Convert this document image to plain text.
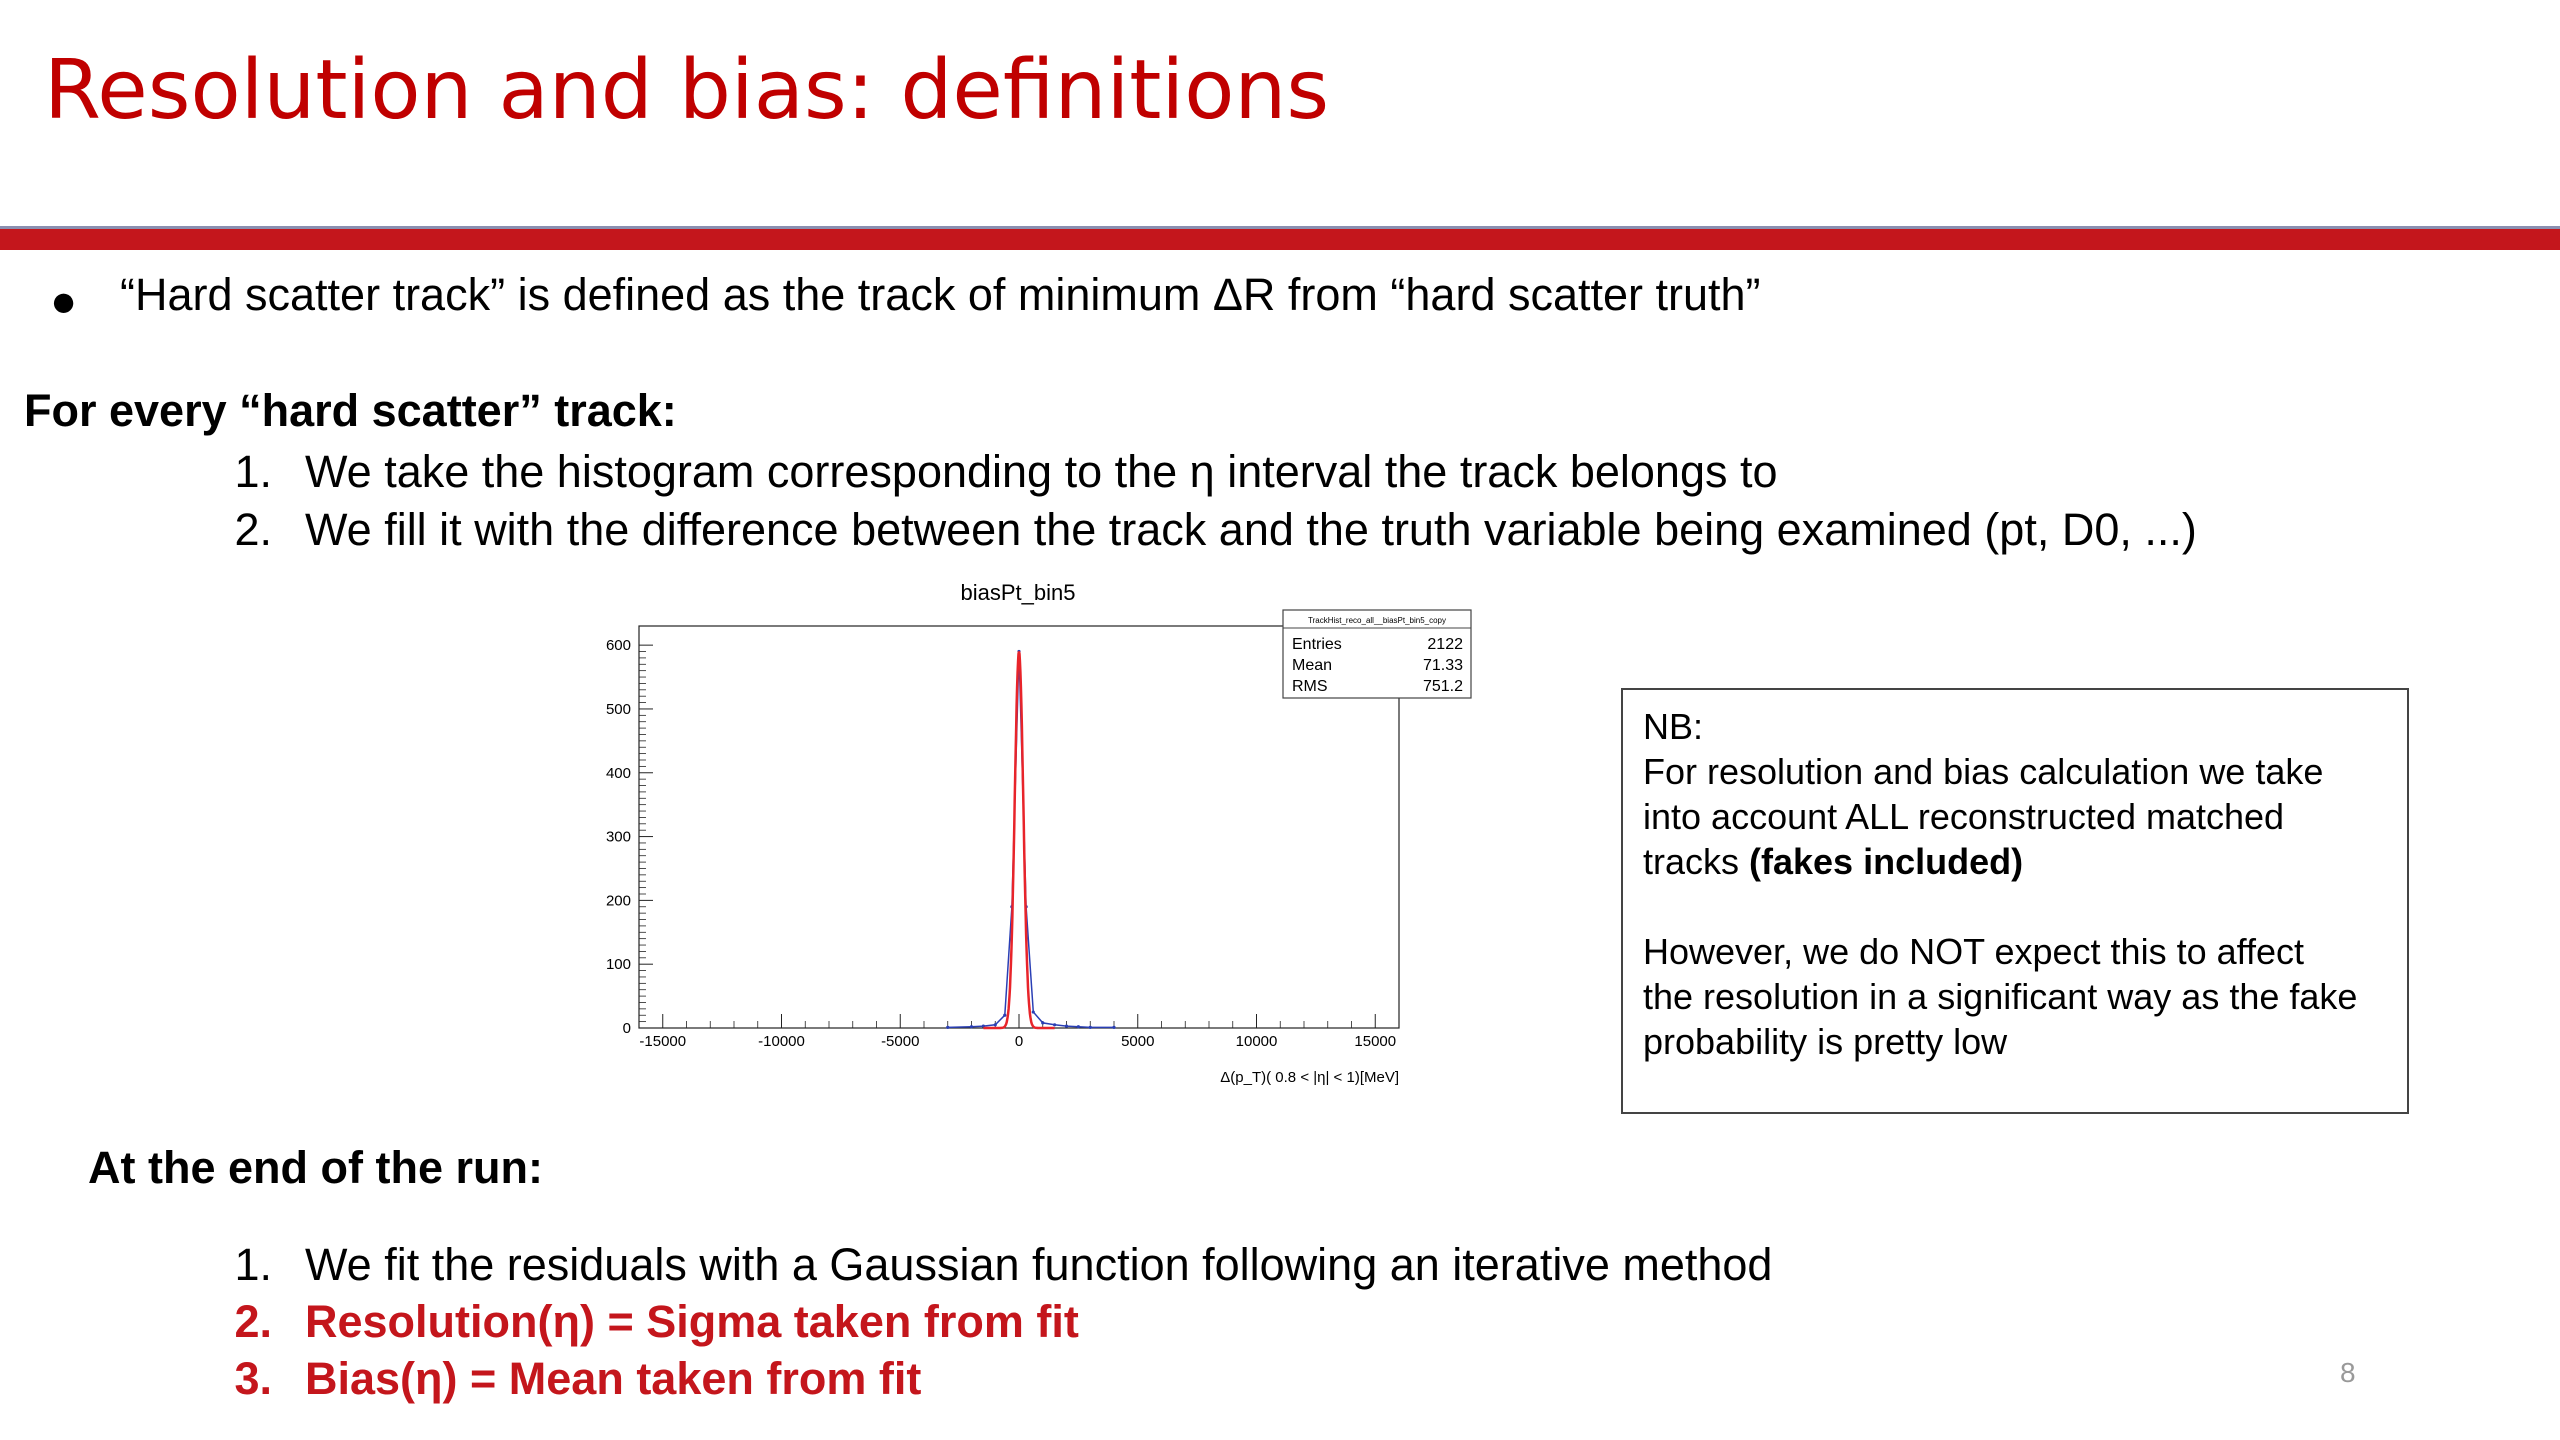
Resolution and bias: definitions
● “Hard scatter track” is defined as the track of minimum ΔR from “hard scatter truth”
For every “hard scatter” track:
1. We take the histogram corresponding to the η interval the track belongs to
2. We fill it with the difference between the track and the truth variable being examined (pt, D0, ...)
biasPt_bin5
0
100
200
300
400
500
600
-15000	-10000	-5000	0	5000	10000	15000
Δ(p_T)( 0.8 < |η| < 1)[MeV]
TrackHist_reco_all__biasPt_bin5_copy
Entries	2122
Mean	71.33
RMS	751.2

NB:

For resolution and bias calculation we take

into account ALL reconstructed matched

tracks (fakes included)

However, we do NOT expect this to affect

the resolution in a significant way as the fake

probability is pretty low

At the end of the run:
1. We fit the residuals with a Gaussian function following an iterative method
2. Resolution(η) = Sigma taken from fit
3. Bias(η) = Mean taken from fit	8
